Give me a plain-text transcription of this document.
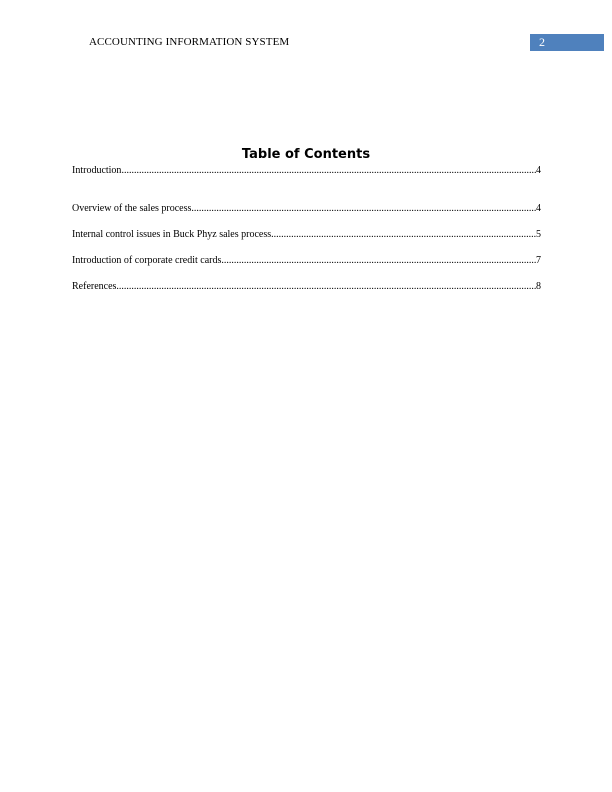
ACCOUNTING INFORMATION SYSTEM	2
Table of Contents
Introduction .....	4
Overview of the sales process .....	4
Internal control issues in Buck Phyz sales process .....	5
Introduction of corporate credit cards .....	7
References .....	8
